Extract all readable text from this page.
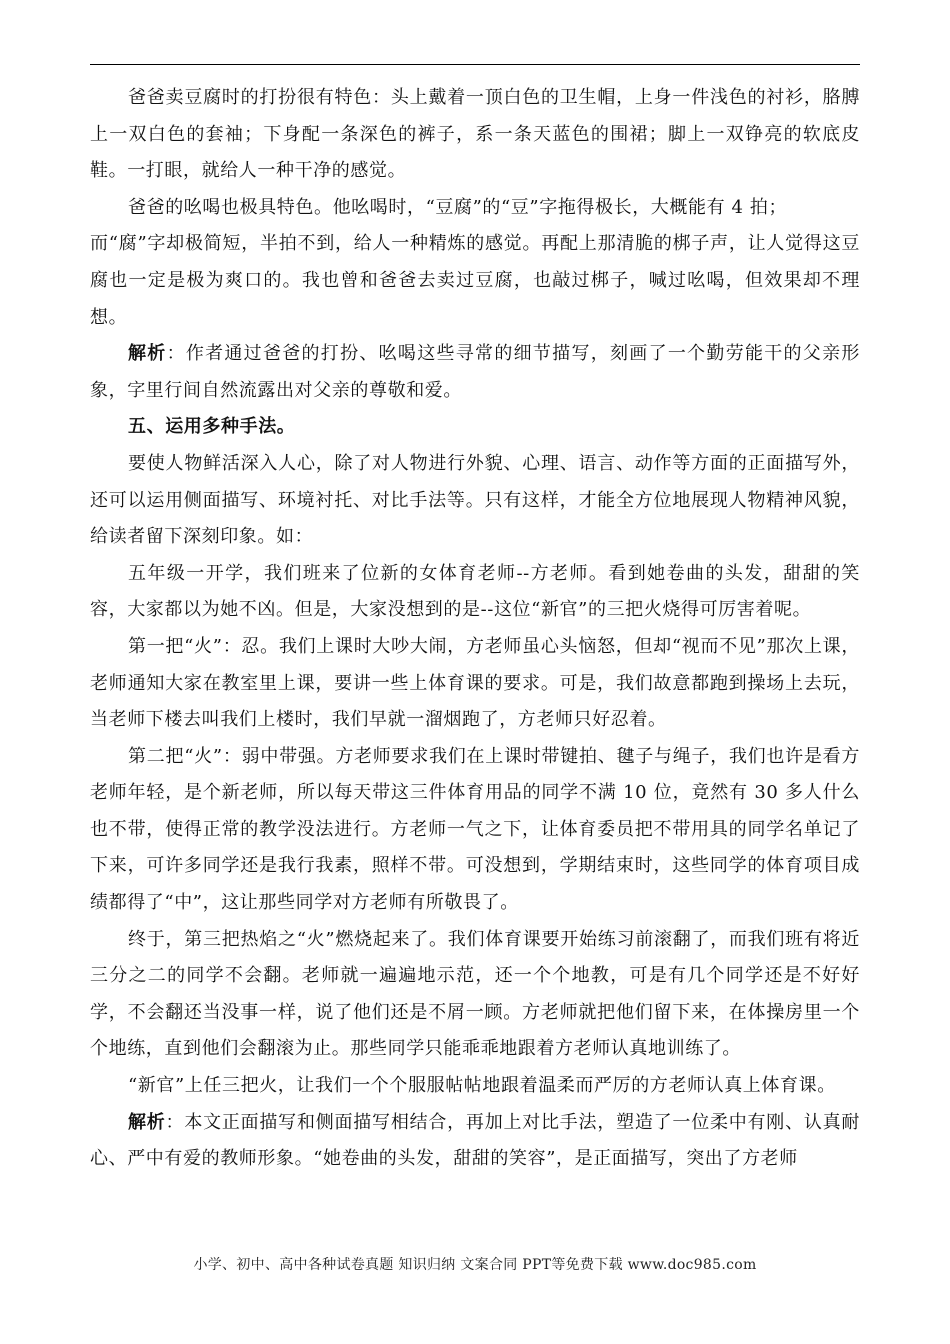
爸爸卖豆腐时的打扮很有特色：头上戴着一顶白色的卫生帽，上身一件浅色的衬衫，胳膊上一双白色的套袖；下身配一条深色的裤子，系一条天蓝色的围裙；脚上一双铮亮的软底皮鞋。一打眼，就给人一种干净的感觉。

爸爸的吆喝也极具特色。他吆喝时，“豆腐”的“豆”字拖得极长，大概能有 4 拍；

而“腐”字却极简短，半拍不到，给人一种精炼的感觉。再配上那清脆的梆子声，让人觉得这豆腐也一定是极为爽口的。我也曾和爸爸去卖过豆腐，也敲过梆子，喊过吆喝，但效果却不理想。

解析：作者通过爸爸的打扮、吆喝这些寻常的细节描写，刻画了一个勤劳能干的父亲形象，字里行间自然流露出对父亲的尊敬和爱。

五、运用多种手法。

要使人物鲜活深入人心，除了对人物进行外貌、心理、语言、动作等方面的正面描写外，还可以运用侧面描写、环境衬托、对比手法等。只有这样，才能全方位地展现人物精神风貌，给读者留下深刻印象。如：

五年级一开学，我们班来了位新的女体育老师--方老师。看到她卷曲的头发，甜甜的笑容，大家都以为她不凶。但是，大家没想到的是--这位“新官”的三把火烧得可厉害着呢。

第一把“火”：忍。我们上课时大吵大闹，方老师虽心头恼怒，但却“视而不见”那次上课，老师通知大家在教室里上课，要讲一些上体育课的要求。可是，我们故意都跑到操场上去玩，当老师下楼去叫我们上楼时，我们早就一溜烟跑了，方老师只好忍着。

第二把“火”：弱中带强。方老师要求我们在上课时带键拍、毽子与绳子，我们也许是看方老师年轻，是个新老师，所以每天带这三件体育用品的同学不满 10 位，竟然有 30 多人什么也不带，使得正常的教学没法进行。方老师一气之下，让体育委员把不带用具的同学名单记了下来，可许多同学还是我行我素，照样不带。可没想到，学期结束时，这些同学的体育项目成绩都得了“中”，这让那些同学对方老师有所敬畏了。

终于，第三把热焰之“火”燃烧起来了。我们体育课要开始练习前滚翻了，而我们班有将近三分之二的同学不会翻。老师就一遍遍地示范，还一个个地教，可是有几个同学还是不好好学，不会翻还当没事一样，说了他们还是不屑一顾。方老师就把他们留下来，在体操房里一个个地练，直到他们会翻滚为止。那些同学只能乖乖地跟着方老师认真地训练了。

“新官”上任三把火，让我们一个个服服帖帖地跟着温柔而严厉的方老师认真上体育课。

解析：本文正面描写和侧面描写相结合，再加上对比手法，塑造了一位柔中有刚、认真耐心、严中有爱的教师形象。“她卷曲的头发，甜甜的笑容”，是正面描写，突出了方老师

小学、初中、高中各种试卷真题 知识归纳 文案合同 PPT等免费下载 www.doc985.com
